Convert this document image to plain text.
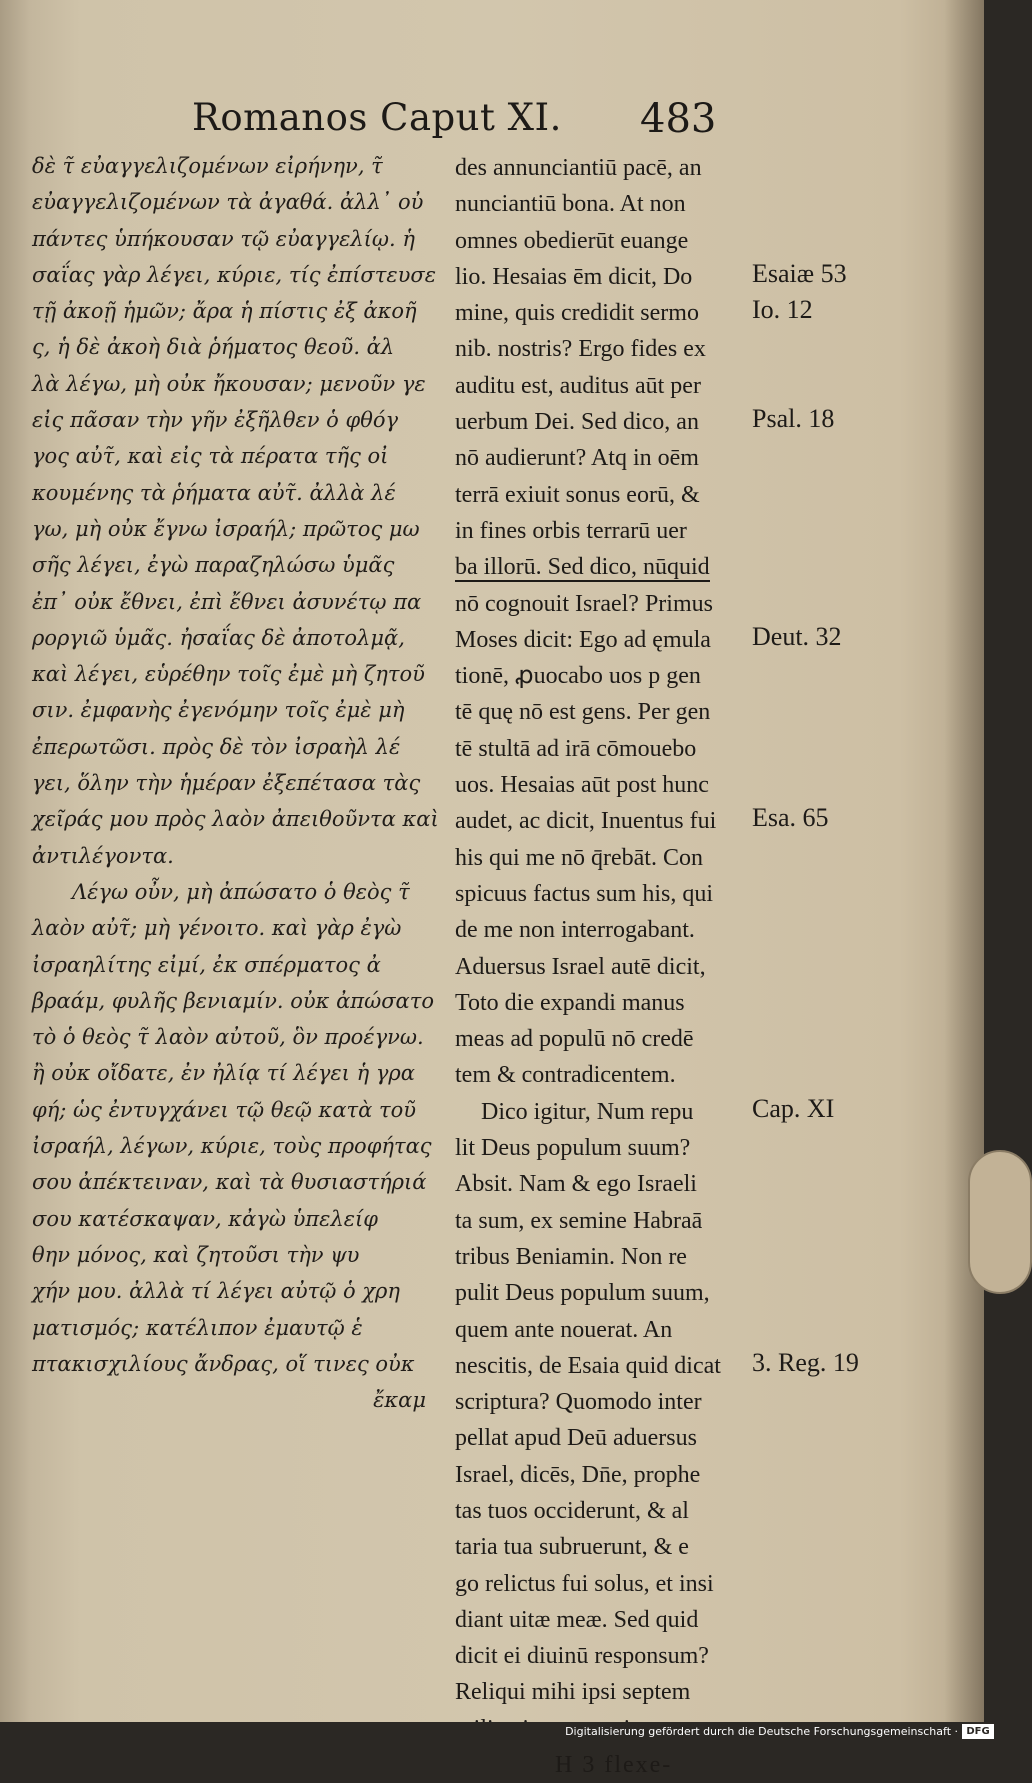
Romanos Caput XI. 483
δὲ τ̃ εὐαγγελιζομένων εἰρήνην, τ̃
εὐαγγελιζομένων τὰ ἀγαθά. ἀλλ᾽ οὐ
πάντες ὑπήκουσαν τῷ εὐαγγελίῳ. ἡ
σαΐας γὰρ λέγει, κύριε, τίς ἐπίστευσε
τῇ ἀκοῇ ἡμῶν; ἄρα ἡ πίστις ἐξ ἀκοῆ
ς, ἡ δὲ ἀκοὴ διὰ ῥήματος θεοῦ. ἀλ
λὰ λέγω, μὴ οὐκ ἤκουσαν; μενοῦν γε
εἰς πᾶσαν τὴν γῆν ἐξῆλθεν ὁ φθόγ
γος αὐτ̃, καὶ εἰς τὰ πέρατα τῆς οἰ
κουμένης τὰ ῥήματα αὐτ̃. ἀλλὰ λέ
γω, μὴ οὐκ ἔγνω ἰσραήλ; πρῶτος μω
σῆς λέγει, ἐγὼ παραζηλώσω ὑμᾶς
ἐπ᾽ οὐκ ἔθνει, ἐπὶ ἔθνει ἀσυνέτῳ πα
ροργιῶ ὑμᾶς. ἠσαΐας δὲ ἀποτολμᾷ,
καὶ λέγει, εὑρέθην τοῖς ἐμὲ μὴ ζητοῦ
σιν. ἐμφανὴς ἐγενόμην τοῖς ἐμὲ μὴ
ἐπερωτῶσι. πρὸς δὲ τὸν ἰσραὴλ λέ
γει, ὅλην τὴν ἡμέραν ἐξεπέτασα τὰς
χεῖράς μου πρὸς λαὸν ἀπειθοῦντα καὶ
ἀντιλέγοντα.
Λέγω οὖν, μὴ ἀπώσατο ὁ θεὸς τ̃
λαὸν αὐτ̃; μὴ γένοιτο. καὶ γὰρ ἐγὼ
ἰσραηλίτης εἰμί, ἐκ σπέρματος ἀ
βραάμ, φυλῆς βενιαμίν. οὐκ ἀπώσατο
τὸ ὁ θεὸς τ̃ λαὸν αὐτοῦ, ὃν προέγνω.
ἢ οὐκ οἴδατε, ἐν ἠλίᾳ τί λέγει ἡ γρα
φή; ὡς ἐντυγχάνει τῷ θεῷ κατὰ τοῦ
ἰσραήλ, λέγων, κύριε, τοὺς προφήτας
σου ἀπέκτειναν, καὶ τὰ θυσιαστήριά
σου κατέσκαψαν, κἀγὼ ὑπελείφ
θην μόνος, καὶ ζητοῦσι τὴν ψυ
χήν μου. ἀλλὰ τί λέγει αὐτῷ ὁ χρη
ματισμός; κατέλιπον ἐμαυτῷ ἑ
πτακισχιλίους ἄνδρας, οἵ τινες οὐκ
ἔκαμ
des annunciantiū pacē, an
nunciantiū bona. At non
omnes obedierūt euange
lio. Hesaias ēm dicit, Do
mine, quis credidit sermo
nib. nostris? Ergo fides ex
auditu est, auditus aūt per
uerbum Dei. Sed dico, an
nō audierunt? Atq in oēm
terrā exiuit sonus eorū, &
in fines orbis terrarū uer
ba illorū. Sed dico, nūquid
nō cognouit Israel? Primus
Moses dicit: Ego ad ęmula
tionē, ꝓuocabo uos p gen
tē quę nō est gens. Per gen
tē stultā ad irā cōmouebo
uos. Hesaias aūt post hunc
audet, ac dicit, Inuentus fui
his qui me nō q̄rebāt. Con
spicuus factus sum his, qui
de me non interrogabant.
Aduersus Israel autē dicit,
Toto die expandi manus
meas ad populū nō credē
tem & contradicentem.
Dico igitur, Num repu
lit Deus populum suum?
Absit. Nam & ego Israeli
ta sum, ex semine Habraā
tribus Beniamin. Non re
pulit Deus populum suum,
quem ante nouerat. An
nescitis, de Esaia quid dicat
scriptura? Quomodo inter
pellat apud Deū aduersus
Israel, dicēs, Dn̄e, prophe
tas tuos occiderunt, & al
taria tua subruerunt, & e
go relictus fui solus, et insi
diant uitæ meæ. Sed quid
dicit ei diuinū responsum?
Reliqui mihi ipsi septem
H 3 flexe-
Esaiæ 53
Io. 12
Psal. 18
Deut. 32
Esa. 65
Cap. XI
3. Reg. 19
Digitalisierung gefördert durch die Deutsche Forschungsgemeinschaft · DFG
